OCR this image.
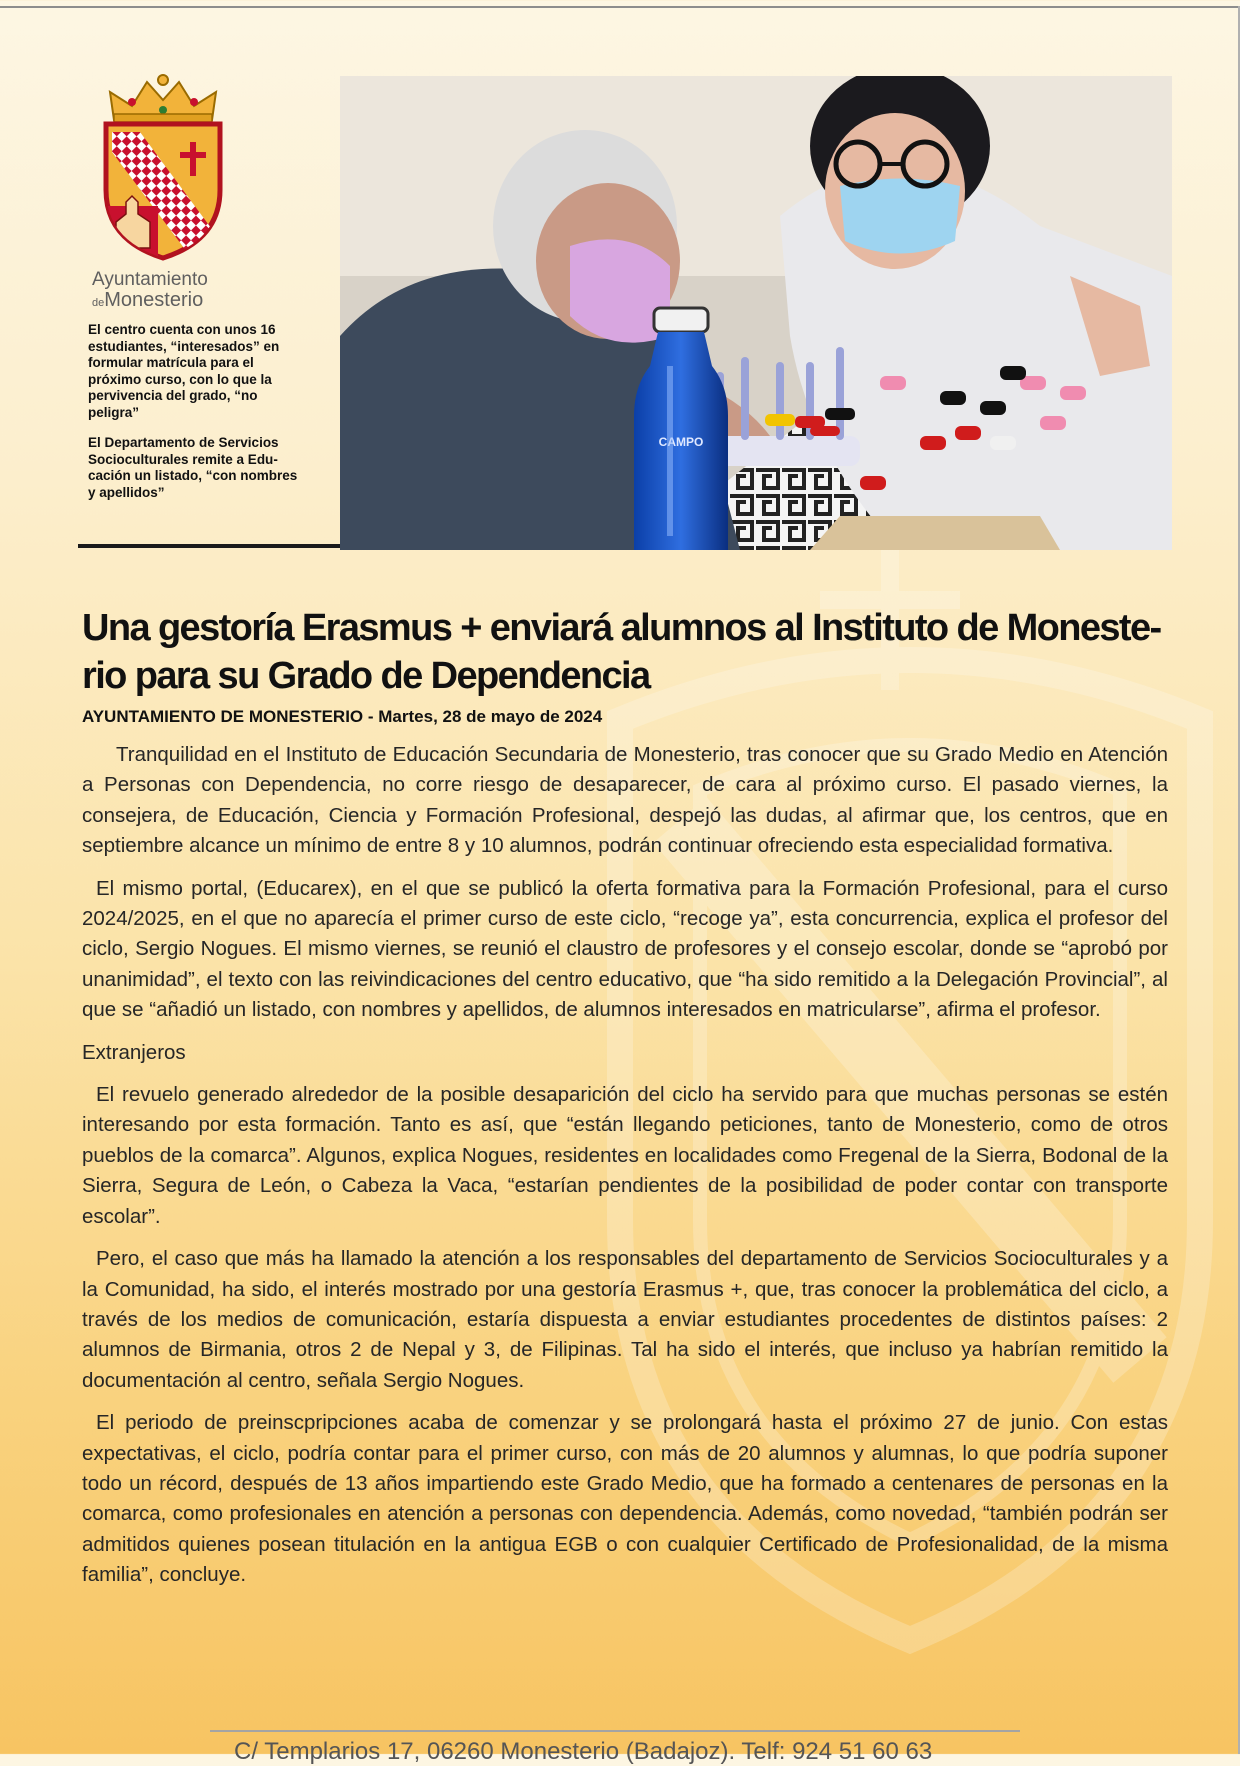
Ayuntamiento
deMonesterio

El centro cuenta con unos 16 estudiantes, “interesados” en formular matrícula para el próximo curso, con lo que la pervivencia del grado, “no peligra”

El Departamento de Servicios Socioculturales remite a Educación un listado, “con nombres y apellidos”

CAMPO
Una gestoría Erasmus + enviará alumnos al Instituto de Monesterio para su Grado de Dependencia

AYUNTAMIENTO DE MONESTERIO - Martes, 28 de mayo de 2024

Tranquilidad en el Instituto de Educación Secundaria de Monesterio, tras conocer que su Grado Medio en Atención a Personas con Dependencia, no corre riesgo de desaparecer, de cara al próximo curso. El pasado viernes, la consejera, de Educación, Ciencia y Formación Profesional, despejó las dudas, al afirmar que, los centros, que en septiembre alcance un mínimo de entre 8 y 10 alumnos, podrán continuar ofreciendo esta especialidad formativa.

El mismo portal, (Educarex), en el que se publicó la oferta formativa para la Formación Profesional, para el curso 2024/2025, en el que no aparecía el primer curso de este ciclo, “recoge ya”, esta concurrencia, explica el profesor del ciclo, Sergio Nogues. El mismo viernes, se reunió el claustro de profesores y el consejo escolar, donde se “aprobó por unanimidad”, el texto con las reivindicaciones del centro educativo, que “ha sido remitido a la Delegación Provincial”, al que se “añadió un listado, con nombres y apellidos, de alumnos interesados en matricularse”, afirma el profesor.

Extranjeros

El revuelo generado alrededor de la posible desaparición del ciclo ha servido para que muchas personas se estén interesando por esta formación. Tanto es así, que “están llegando peticiones, tanto de Monesterio, como de otros pueblos de la comarca”. Algunos, explica Nogues, residentes en localidades como Fregenal de la Sierra, Bodonal de la Sierra, Segura de León, o Cabeza la Vaca, “estarían pendientes de la posibilidad de poder contar con transporte escolar”.

Pero, el caso que más ha llamado la atención a los responsables del departamento de Servicios Socioculturales y a la Comunidad, ha sido, el interés mostrado por una gestoría Erasmus +, que, tras conocer la problemática del ciclo, a través de los medios de comunicación, estaría dispuesta a enviar estudiantes procedentes de distintos países: 2 alumnos de Birmania, otros 2 de Nepal y 3, de Filipinas. Tal ha sido el interés, que incluso ya habrían remitido la documentación al centro, señala Sergio Nogues.

El periodo de preinscpripciones acaba de comenzar y se prolongará hasta el próximo 27 de junio. Con estas expectativas, el ciclo, podría contar para el primer curso, con más de 20 alumnos y alumnas, lo que podría suponer todo un récord, después de 13 años impartiendo este Grado Medio, que ha formado a centenares de personas en la comarca, como profesionales en atención a personas con dependencia. Además, como novedad, “también podrán ser admitidos quienes posean titulación en la antigua EGB o con cualquier Certificado de Profesionalidad, de la misma familia”, concluye.

C/ Templarios 17, 06260 Monesterio (Badajoz). Telf: 924 51 60 63
